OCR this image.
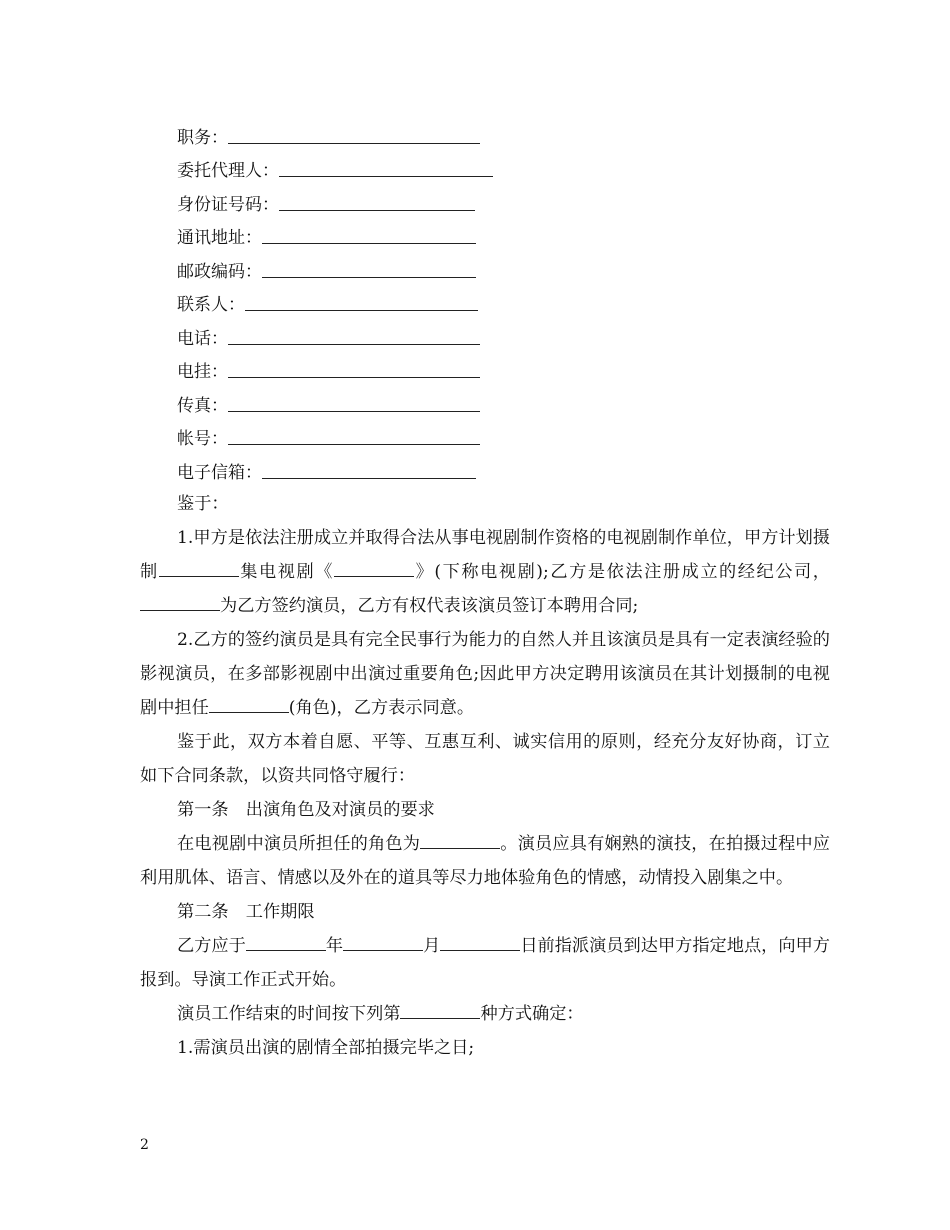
职务：
委托代理人：
身份证号码：
通讯地址：
邮政编码：
联系人：
电话：
电挂：
传真：
帐号：
电子信箱：

鉴于：

1.甲方是依法注册成立并取得合法从事电视剧制作资格的电视剧制作单位，甲方计划摄制	集电视剧《	》(下称电视剧);乙方是依法注册成立的经纪公司，为乙方签约演员，乙方有权代表该演员签订本聘用合同;

2.乙方的签约演员是具有完全民事行为能力的自然人并且该演员是具有一定表演经验的影视演员，在多部影视剧中出演过重要角色;因此甲方决定聘用该演员在其计划摄制的电视剧中担任	(角色)，乙方表示同意。

鉴于此，双方本着自愿、平等、互惠互利、诚实信用的原则，经充分友好协商，订立如下合同条款，以资共同恪守履行：

第一条　出演角色及对演员的要求

在电视剧中演员所担任的角色为	。演员应具有娴熟的演技，在拍摄过程中应利用肌体、语言、情感以及外在的道具等尽力地体验角色的情感，动情投入剧集之中。

第二条　工作期限

乙方应于	年	月	日前指派演员到达甲方指定地点，向甲方报到。导演工作正式开始。

演员工作结束的时间按下列第	种方式确定：

1.需演员出演的剧情全部拍摄完毕之日;

2
